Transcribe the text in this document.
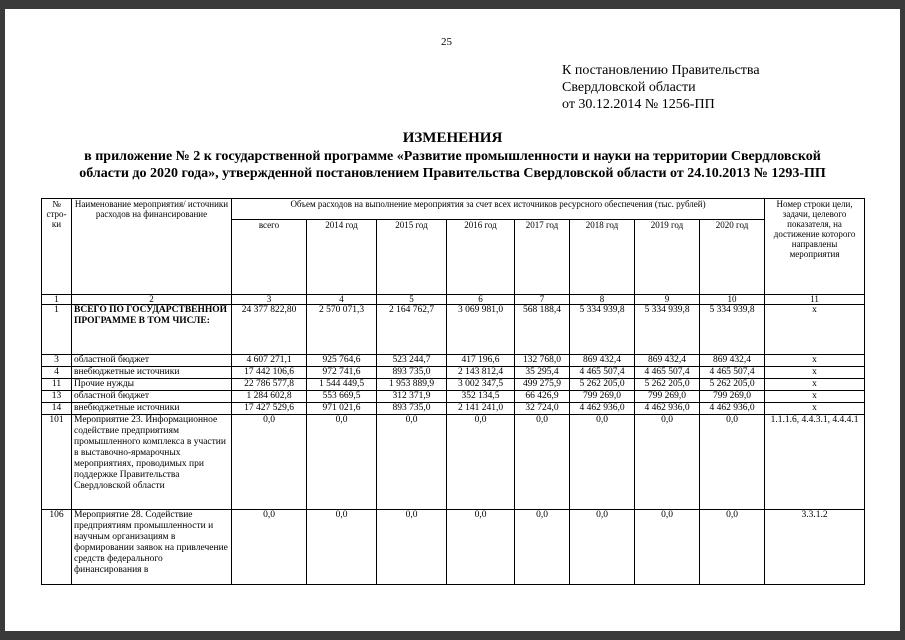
25
К постановлению Правительства
Свердловской области
от 30.12.2014 № 1256-ПП
ИЗМЕНЕНИЯ
в приложение № 2 к государственной программе «Развитие промышленности и науки на территории Свердловской
области до 2020 года», утвержденной постановлением Правительства Свердловской области от 24.10.2013 № 1293-ПП
№ стро-ки	Наименование мероприятия/ источники расходов на финансирование	Объем расходов на выполнение мероприятия за счет всех источников ресурсного обеспечения (тыс. рублей)								Номер строки цели, задачи, целевого показателя, на достижение которого направлены мероприятия
		всего	2014 год	2015 год	2016 год	2017 год	2018 год	2019 год	2020 год	
1	2	3	4	5	6	7	8	9	10	11
1	ВСЕГО ПО ГОСУДАРСТВЕННОЙ ПРОГРАММЕ В ТОМ ЧИСЛЕ:	24 377 822,80	2 570 071,3	2 164 762,7	3 069 981,0	568 188,4	5 334 939,8	5 334 939,8	5 334 939,8	х
3	областной бюджет	4 607 271,1	925 764,6	523 244,7	417 196,6	132 768,0	869 432,4	869 432,4	869 432,4	х
4	внебюджетные источники	17 442 106,6	972 741,6	893 735,0	2 143 812,4	35 295,4	4 465 507,4	4 465 507,4	4 465 507,4	х
11	Прочие нужды	22 786 577,8	1 544 449,5	1 953 889,9	3 002 347,5	499 275,9	5 262 205,0	5 262 205,0	5 262 205,0	х
13	областной бюджет	1 284 602,8	553 669,5	312 371,9	352 134,5	66 426,9	799 269,0	799 269,0	799 269,0	х
14	внебюджетные источники	17 427 529,6	971 021,6	893 735,0	2 141 241,0	32 724,0	4 462 936,0	4 462 936,0	4 462 936,0	х
101	Мероприятие 23. Информационное содействие предприятиям промышленного комплекса в участии в выставочно-ярмарочных мероприятиях, проводимых при поддержке Правительства Свердловской области	0,0	0,0	0,0	0,0	0,0	0,0	0,0	0,0	1.1.1.6, 4.4.3.1, 4.4.4.1
106	Мероприятие 28. Содействие предприятиям промышленности и научным организациям в формировании заявок на привлечение средств федерального финансирования в	0,0	0,0	0,0	0,0	0,0	0,0	0,0	0,0	3.3.1.2
